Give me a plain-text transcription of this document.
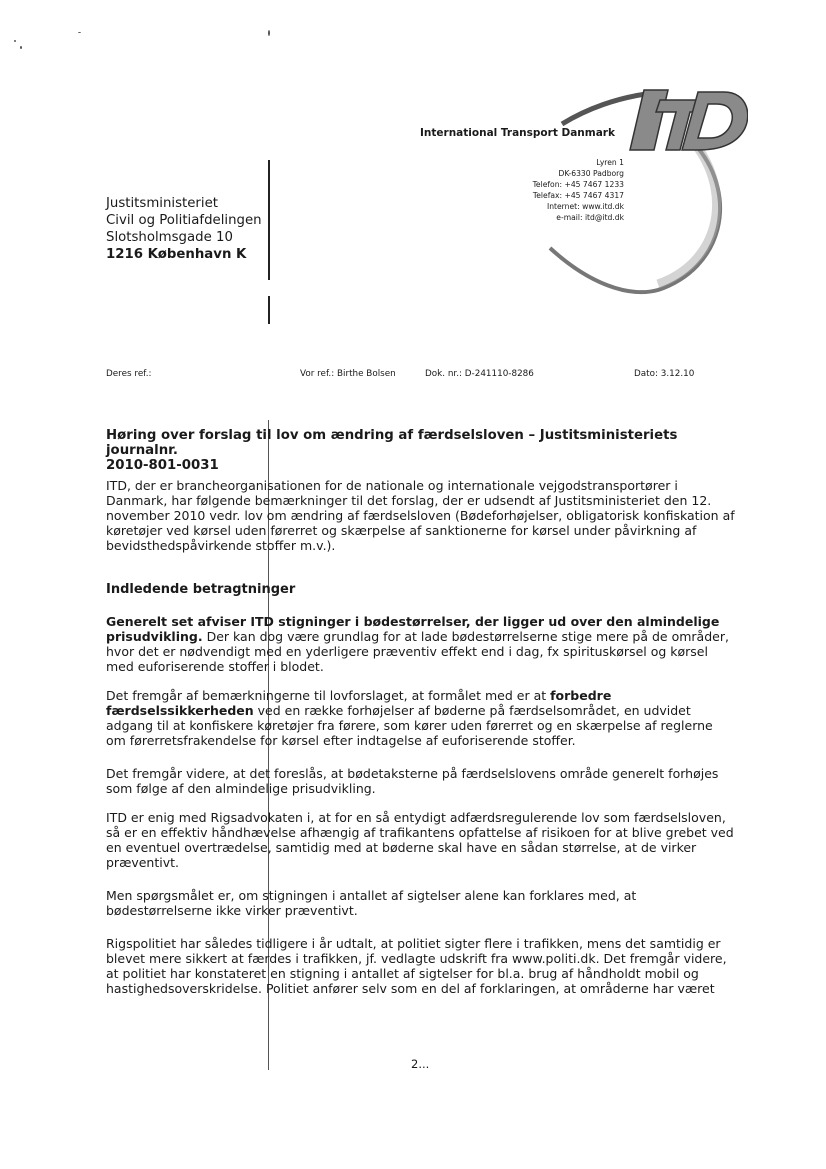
International Transport Danmark
Lyren 1
DK-6330 Padborg
Telefon: +45 7467 1233
Telefax: +45 7467 4317
Internet: www.itd.dk
e-mail: itd@itd.dk
Justitsministeriet
Civil og Politiafdelingen
Slotsholmsgade 10
1216 København K
Deres ref.:	Vor ref.: Birthe Bolsen	Dok. nr.: D-241110-8286	Dato: 3.12.10
Høring over forslag til lov om ændring af færdselsloven – Justitsministeriets journalnr.
2010-801-0031

ITD, der er brancheorganisationen for de nationale og internationale vejgodstransportører i Danmark, har følgende bemærkninger til det forslag, der er udsendt af Justitsministeriet den 12. november 2010 vedr. lov om ændring af færdselsloven (Bødeforhøjelser, obligatorisk konfiskation af køretøjer ved kørsel uden førerret og skærpelse af sanktionerne for kørsel under påvirkning af bevidsthedspåvirkende stoffer m.v.).

Indledende betragtninger

Generelt set afviser ITD stigninger i bødestørrelser, der ligger ud over den almindelige prisudvikling. Der kan dog være grundlag for at lade bødestørrelserne stige mere på de områder, hvor det er nødvendigt med en yderligere præventiv effekt end i dag, fx spirituskørsel og kørsel med euforiserende stoffer i blodet.

Det fremgår af bemærkningerne til lovforslaget, at formålet med er at forbedre færdselssikkerheden ved en række forhøjelser af bøderne på færdselsområdet, en udvidet adgang til at konfiskere køretøjer fra førere, som kører uden førerret og en skærpelse af reglerne om førerretsfrakendelse for kørsel efter indtagelse af euforiserende stoffer.

Det fremgår videre, at det foreslås, at bødetaksterne på færdselslovens område generelt forhøjes som følge af den almindelige prisudvikling.

ITD er enig med Rigsadvokaten i, at for en så entydigt adfærdsregulerende lov som færdselsloven, så er en effektiv håndhævelse afhængig af trafikantens opfattelse af risikoen for at blive grebet ved en eventuel overtrædelse, samtidig med at bøderne skal have en sådan størrelse, at de virker præventivt.

Men spørgsmålet er, om stigningen i antallet af sigtelser alene kan forklares med, at bødestørrelserne ikke virker præventivt.

Rigspolitiet har således tidligere i år udtalt, at politiet sigter flere i trafikken, mens det samtidig er blevet mere sikkert at færdes i trafikken, jf. vedlagte udskrift fra www.politi.dk. Det fremgår videre, at politiet har konstateret en stigning i antallet af sigtelser for bl.a. brug af håndholdt mobil og hastighedsoverskridelse. Politiet anfører selv som en del af forklaringen, at områderne har været

2...
